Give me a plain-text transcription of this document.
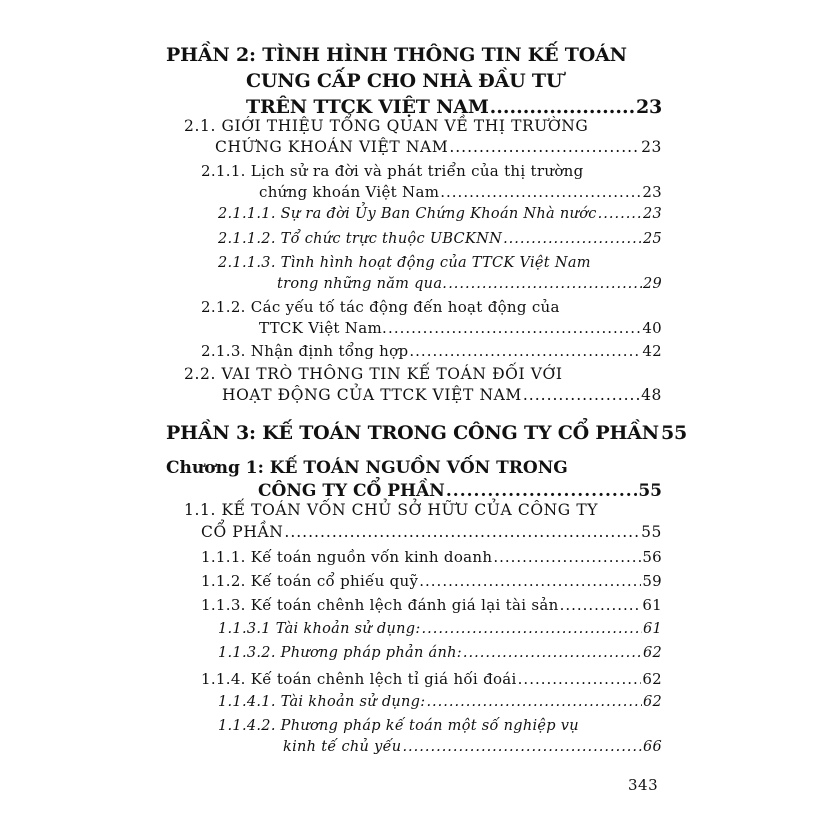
PHẦN 2: TÌNH HÌNH THÔNG TIN KẾ TOÁN
CUNG CẤP CHO NHÀ ĐẦU TƯ
TRÊN TTCK VIỆT NAM .....	23
2.1. GIỚI THIỆU TỔNG QUAN VỀ THỊ TRƯỜNG
CHỨNG KHOÁN VIỆT NAM .....	23
2.1.1. Lịch sử ra đời và phát triển của thị trường
chứng khoán Việt Nam .....	23
2.1.1.1. Sự ra đời Ủy Ban Chứng Khoán Nhà nước .....	23
2.1.1.2. Tổ chức trực thuộc UBCKNN .....	25
2.1.1.3. Tình hình hoạt động của TTCK Việt Nam
trong những năm qua. .....	29
2.1.2. Các yếu tố tác động đến hoạt động của
TTCK Việt Nam. .....	40
2.1.3. Nhận định tổng hợp .....	42
2.2. VAI TRÒ THÔNG TIN KẾ TOÁN ĐỐI VỚI
HOẠT ĐỘNG CỦA TTCK VIỆT NAM .....	48
PHẦN 3: KẾ TOÁN TRONG CÔNG TY CỔ PHẦN 55
Chương 1: KẾ TOÁN NGUỒN VỐN TRONG
CÔNG TY CỔ PHẦN .....	55
1.1. KẾ TOÁN VỐN CHỦ SỞ HỮU CỦA CÔNG TY
CỔ PHẦN .....	55
1.1.1. Kế toán nguồn vốn kinh doanh .....	56
1.1.2. Kế toán cổ phiếu quỹ .....	59
1.1.3. Kế toán chênh lệch đánh giá lại tài sản .....	61
1.1.3.1 Tài khoản sử dụng: .....	61
1.1.3.2. Phương pháp phản ánh: .....	62
1.1.4. Kế toán chênh lệch tỉ giá hối đoái .....	62
1.1.4.1. Tài khoản sử dụng: .....	62
1.1.4.2. Phương pháp kế toán một số nghiệp vụ
kinh tế chủ yếu .....	66
343
